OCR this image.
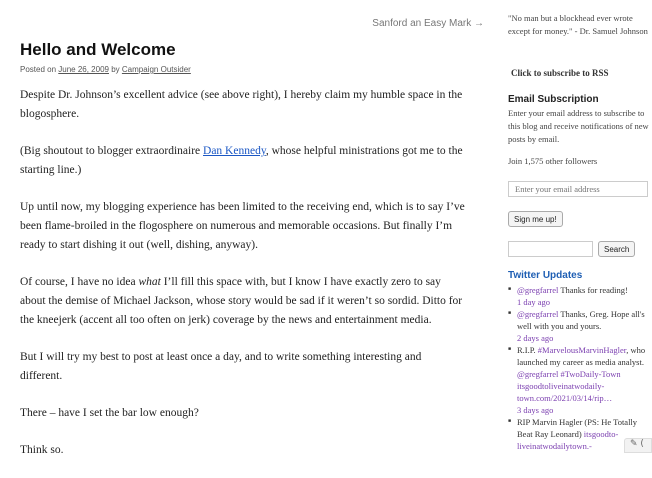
Sanford an Easy Mark →
Hello and Welcome
Posted on June 26, 2009 by Campaign Outsider

Despite Dr. Johnson’s excellent advice (see above right), I hereby claim my humble space in the blogosphere.

(Big shoutout to blogger extraordinaire Dan Kennedy, whose helpful ministrations got me to the starting line.)

Up until now, my blogging experience has been limited to the receiving end, which is to say I’ve been flame-broiled in the flogosphere on numerous and memorable occasions. But finally I’m ready to start dishing it out (well, dishing, anyway).

Of course, I have no idea what I’ll fill this space with, but I know I have exactly zero to say about the demise of Michael Jackson, whose story would be sad if it weren’t so sordid. Ditto for the kneejerk (accent all too often on jerk) coverage by the news and entertainment media.

But I will try my best to post at least once a day, and to write something interesting and different.

There – have I set the bar low enough?

Think so.

"No man but a blockhead ever wrote except for money." - Dr. Samuel Johnson
Click to subscribe to RSS
Email Subscription
Enter your email address to subscribe to this blog and receive notifications of new posts by email.
Join 1,575 other followers
Enter your email address
Sign me up!
Search
Twitter Updates
■ @gregfarrel Thanks for reading!
1 day ago
■ @gregfarrel Thanks, Greg. Hope all's well with you and yours.
2 days ago
■ R.I.P. #MarvelousMarvinHagler, who launched my career as media analyst. @gregfarrel #TwoDaily-Town itsgoodtoliveinatwodaily-town.com/2021/03/14/rip…
3 days ago
■ RIP Marvin Hagler (PS: He Totally Beat Ray Leonard) itsgoodto-liveinatwodailytown.-	✎ (
